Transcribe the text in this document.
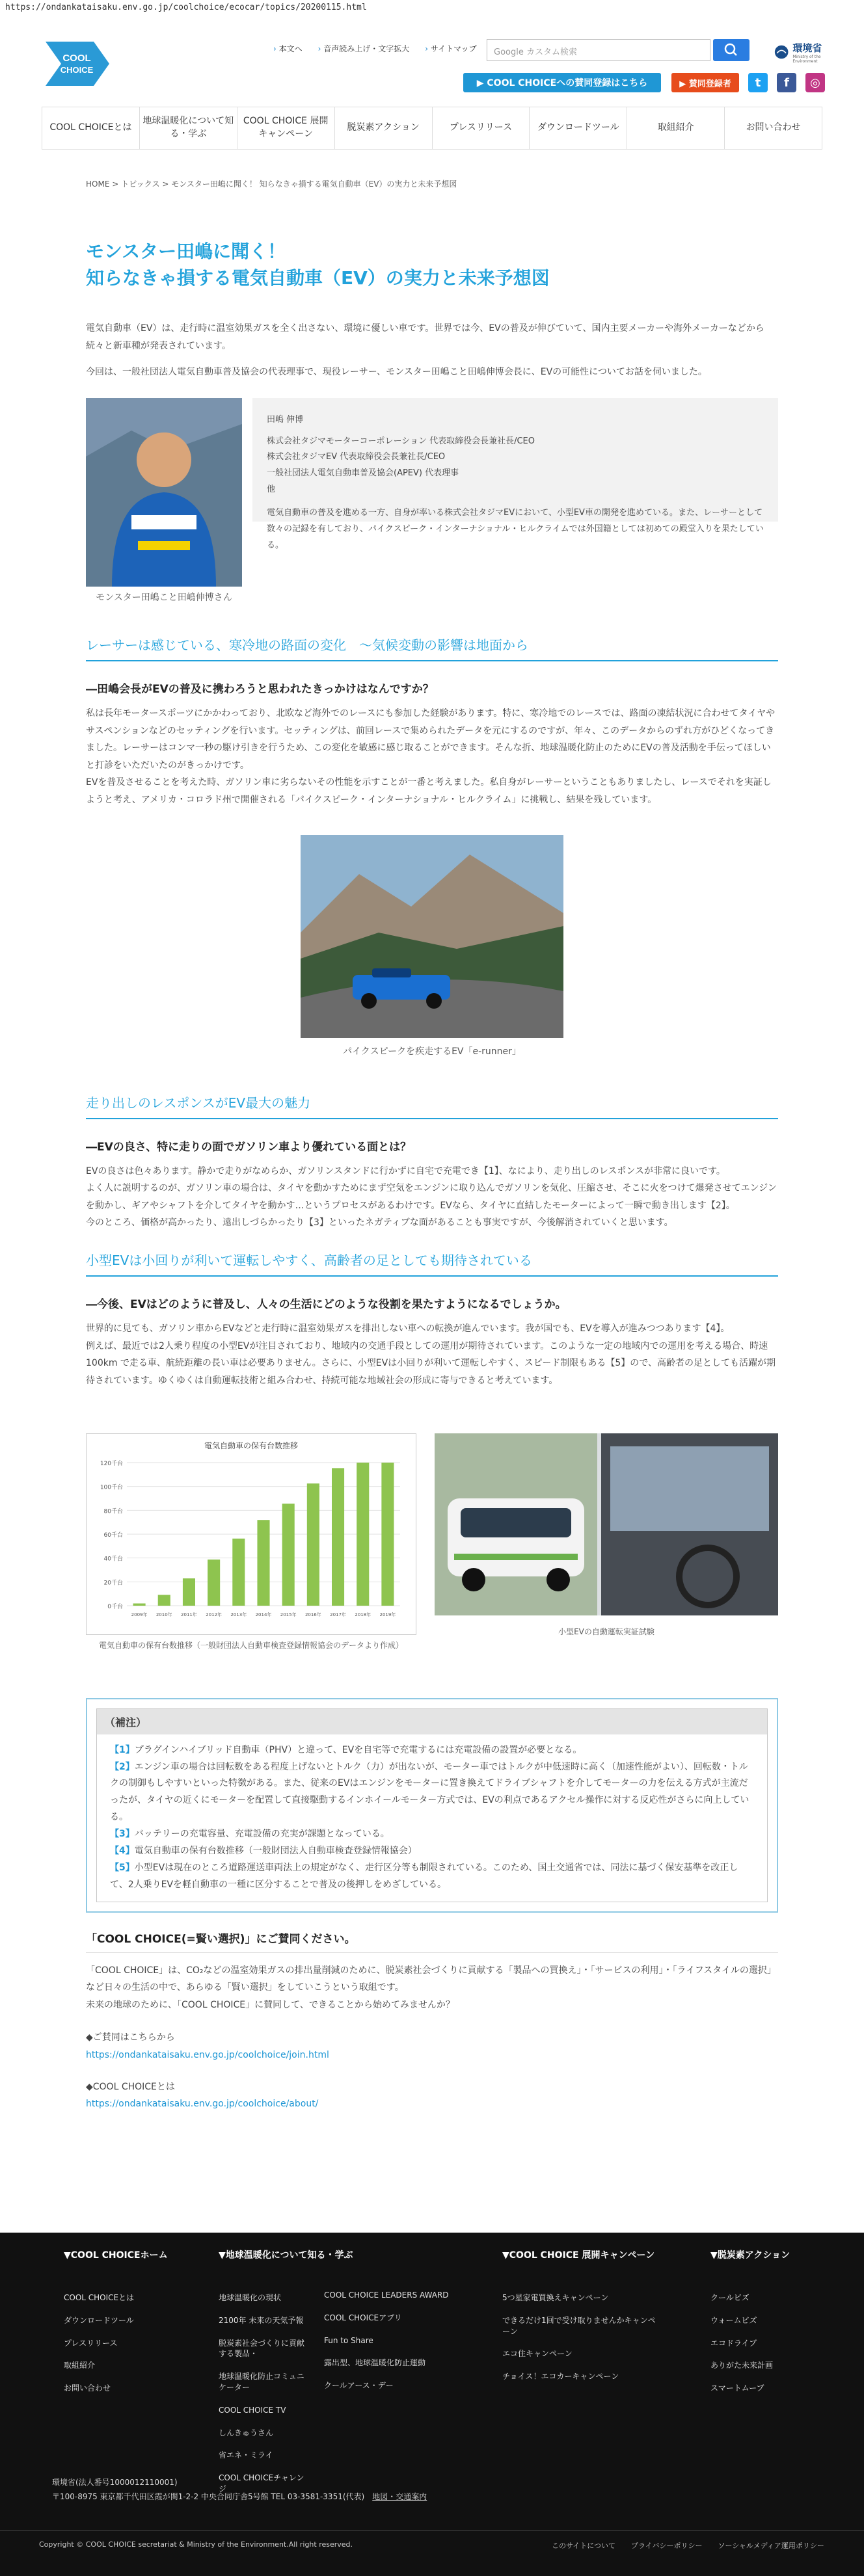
https://ondankataisaku.env.go.jp/coolchoice/ecocar/topics/20200115.html
COOL
CHOICE
› 本文へ	› 音声読み上げ・文字拡大	› サイトマップ	Google カスタム検索	環境省
Ministry of the Environment
▶ COOL CHOICEへの賛同登録はこちら	▶ 賛同登録者	t	f	◎
COOL CHOICEとは
地球温暖化について知る・学ぶ
COOL CHOICE 展開キャンペーン
脱炭素アクション	プレスリリース	ダウンロードツール	取組紹介	お問い合わせ
HOME > トピックス > モンスター田嶋に聞く！ 知らなきゃ損する電気自動車（EV）の実力と未来予想図
モンスター田嶋に聞く！
知らなきゃ損する電気自動車（EV）の実力と未来予想図

電気自動車（EV）は、走行時に温室効果ガスを全く出さない、環境に優しい車です。世界では今、EVの普及が伸びていて、国内主要メーカーや海外メーカーなどから続々と新車種が発表されています。

今回は、一般社団法人電気自動車普及協会の代表理事で、現役レーサー、モンスター田嶋こと田嶋伸博会長に、EVの可能性についてお話を伺いました。

モンスター田嶋こと田嶋伸博さん
田嶋 伸博
株式会社タジマモーターコーポレーション 代表取締役会長兼社長/CEO
株式会社タジマEV 代表取締役会長兼社長/CEO
一般社団法人電気自動車普及協会(APEV) 代表理事
他
電気自動車の普及を進める一方、自身が率いる株式会社タジマEVにおいて、小型EV車の開発を進めている。また、レーサーとして数々の記録を有しており、パイクスピーク・インターナショナル・ヒルクライムでは外国籍としては初めての殿堂入りを果たしている。
レーサーは感じている、寒冷地の路面の変化　～気候変動の影響は地面から
―田嶋会長がEVの普及に携わろうと思われたきっかけはなんですか？

私は長年モータースポーツにかかわっており、北欧など海外でのレースにも参加した経験があります。特に、寒冷地でのレースでは、路面の凍結状況に合わせてタイヤやサスペンションなどのセッティングを行います。セッティングは、前回レースで集められたデータを元にするのですが、年々、このデータからのずれ方がひどくなってきました。レーサーはコンマ一秒の駆け引きを行うため、この変化を敏感に感じ取ることができます。そんな折、地球温暖化防止のためにEVの普及活動を手伝ってほしいと打診をいただいたのがきっかけです。

EVを普及させることを考えた時、ガソリン車に劣らないその性能を示すことが一番と考えました。私自身がレーサーということもありましたし、レースでそれを実証しようと考え、アメリカ・コロラド州で開催される「パイクスピーク・インターナショナル・ヒルクライム」に挑戦し、結果を残しています。

パイクスピークを疾走するEV「e-runner」
走り出しのレスポンスがEV最大の魅力
―EVの良さ、特に走りの面でガソリン車より優れている面とは？

EVの良さは色々あります。静かで走りがなめらか、ガソリンスタンドに行かずに自宅で充電でき【1】、なにより、走り出しのレスポンスが非常に良いです。

よく人に説明するのが、ガソリン車の場合は、タイヤを動かすためにまず空気をエンジンに取り込んでガソリンを気化、圧縮させ、そこに火をつけて爆発させてエンジンを動かし、ギアやシャフトを介してタイヤを動かす…というプロセスがあるわけです。EVなら、タイヤに直結したモーターによって一瞬で動き出します【2】。

今のところ、価格が高かったり、遠出しづらかったり【3】といったネガティブな面があることも事実ですが、今後解消されていくと思います。

小型EVは小回りが利いて運転しやすく、高齢者の足としても期待されている
―今後、EVはどのように普及し、人々の生活にどのような役割を果たすようになるでしょうか。

世界的に見ても、ガソリン車からEVなどと走行時に温室効果ガスを排出しない車への転換が進んでいます。我が国でも、EVを導入が進みつつあります【4】。

例えば、最近では2人乗り程度の小型EVが注目されており、地域内の交通手段としての運用が期待されています。このような一定の地域内での運用を考える場合、時速100km で走る車、航続距離の長い車は必要ありません。さらに、小型EVは小回りが利いて運転しやすく、スピード制限もある【5】ので、高齢者の足としても活躍が期待されています。ゆくゆくは自動運転技術と組み合わせ、持続可能な地域社会の形成に寄与できると考えています。

電気自動車の保有台数推移
0千台
20千台
40千台
60千台
80千台
100千台
120千台
2009年 2010年 2011年 2012年 2013年 2014年 2015年 2016年 2017年 2018年 2019年
電気自動車の保有台数推移（一般財団法人自動車検査登録情報協会のデータより作成）
小型EVの自動運転実証試験
（補注）
【1】プラグインハイブリッド自動車（PHV）と違って、EVを自宅等で充電するには充電設備の設置が必要となる。
【2】エンジン車の場合は回転数をある程度上げないとトルク（力）が出ないが、モーター車ではトルクが中低速時に高く（加速性能がよい）、回転数・トルクの制御もしやすいといった特徴がある。また、従来のEVはエンジンをモーターに置き換えてドライブシャフトを介してモーターの力を伝える方式が主流だったが、タイヤの近くにモーターを配置して直接駆動するインホイールモーター方式では、EVの利点であるアクセル操作に対する反応性がさらに向上している。
【3】バッテリーの充電容量、充電設備の充実が課題となっている。
【4】電気自動車の保有台数推移（一般財団法人自動車検査登録情報協会）
【5】小型EVは現在のところ道路運送車両法上の規定がなく、走行区分等も制限されている。このため、国土交通省では、同法に基づく保安基準を改正して、2人乗りEVを軽自動車の一種に区分することで普及の後押しをめざしている。
「COOL CHOICE(=賢い選択)」にご賛同ください。

「COOL CHOICE」は、CO₂などの温室効果ガスの排出量削減のために、脱炭素社会づくりに貢献する「製品への買換え」・「サービスの利用」・「ライフスタイルの選択」など日々の生活の中で、あらゆる「賢い選択」をしていこうという取組です。

未来の地球のために、「COOL CHOICE」に賛同して、できることから始めてみませんか？

◆ご賛同はこちらから

https://ondankataisaku.env.go.jp/coolchoice/join.html

◆COOL CHOICEとは

https://ondankataisaku.env.go.jp/coolchoice/about/

▼COOL CHOICEホーム
COOL CHOICEとは
ダウンロードツール
プレスリリース
取組紹介
お問い合わせ
▼地球温暖化について知る・学ぶ
地球温暖化の現状
2100年 未来の天気予報
脱炭素社会づくりに貢献する製品・
地球温暖化防止コミュニケーター
COOL CHOICE TV
しんきゅうさん
省エネ・ミライ
COOL CHOICEチャレンジ
COOL CHOICE LEADERS AWARD
COOL CHOICEアプリ
Fun to Share
露出型、地球温暖化防止運動
クールアース・デー
▼COOL CHOICE 展開キャンペーン
5つ星家電買換えキャンペーン
できるだけ1回で受け取りませんかキャンペーン
エコ住キャンペーン
チョイス！エコカーキャンペーン
▼脱炭素アクション
クールビズ
ウォームビズ
エコドライブ
ありがた未来計画
スマートムーブ
環境省(法人番号1000012110001)
〒100-8975 東京都千代田区霞が関1-2-2 中央合同庁舎5号館 TEL 03-3581-3351(代表)　 地図・交通案内
Copyright © COOL CHOICE secretariat & Ministry of the Environment.All right reserved.	このサイトについて プライバシーポリシー ソーシャルメディア運用ポリシー
